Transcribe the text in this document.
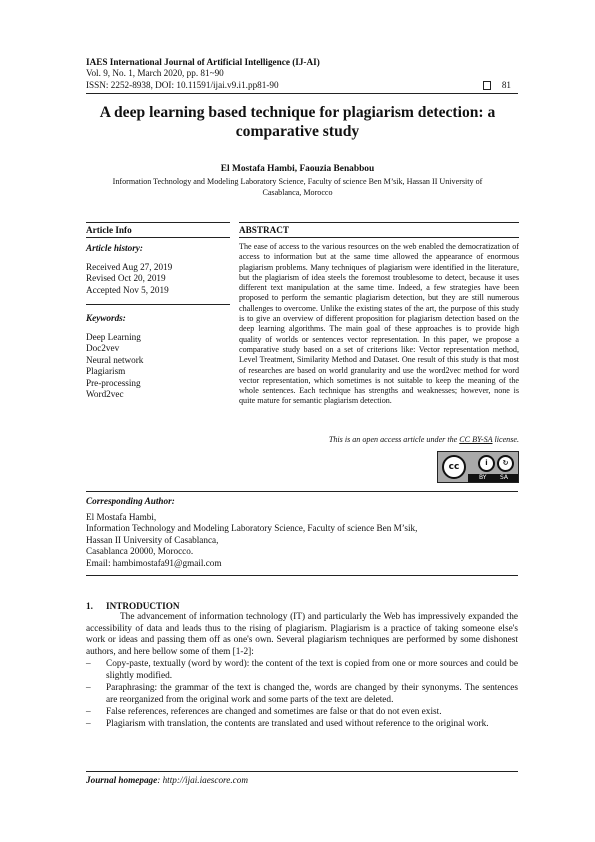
IAES International Journal of Artificial Intelligence (IJ-AI)
Vol. 9, No. 1, March 2020, pp. 81~90
ISSN: 2252-8938, DOI: 10.11591/ijai.v9.i1.pp81-90	81
A deep learning based technique for plagiarism detection: a
comparative study
El Mostafa Hambi, Faouzia Benabbou
Information Technology and Modeling Laboratory Science, Faculty of science Ben M’sik, Hassan II University of
Casablanca, Morocco
Article Info	ABSTRACT
Article history:
Received Aug 27, 2019
Revised Oct 20, 2019
Accepted Nov 5, 2019
Keywords:
Deep Learning
Doc2vev
Neural network
Plagiarism
Pre-processing
Word2vec
The ease of access to the various resources on the web enabled the democratization of access to information but at the same time allowed the appearance of enormous plagiarism problems. Many techniques of plagiarism were identified in the literature, but the plagiarism of idea steels the foremost troublesome to detect, because it uses different text manipulation at the same time. Indeed, a few strategies have been proposed to perform the semantic plagiarism detection, but they are still numerous challenges to overcome. Unlike the existing states of the art, the purpose of this study is to give an overview of different proposition for plagiarism detection based on the deep learning algorithms. The main goal of these approaches is to provide high quality of worlds or sentences vector representation. In this paper, we propose a comparative study based on a set of criterions like: Vector representation method, Level Treatment, Similarity Method and Dataset. One result of this study is that most of researches are based on world granularity and use the word2vec method for word vector representation, which sometimes is not suitable to keep the meaning of the whole sentences. Each technique has strengths and weaknesses; however, none is quite mature for semantic plagiarism detection.
This is an open access article under the CC BY-SA license.
cc	i	↻
BY SA
Corresponding Author:
El Mostafa Hambi,
Information Technology and Modeling Laboratory Science, Faculty of science Ben M’sik,
Hassan II University of Casablanca,
Casablanca 20000, Morocco.
Email: hambimostafa91@gmail.com
1. INTRODUCTION
The advancement of information technology (IT) and particularly the Web has impressively expanded the accessibility of data and leads thus to the rising of plagiarism. Plagiarism is a practice of taking someone else's work or ideas and passing them off as one's own. Several plagiarism techniques are performed by some dishonest authors, and here bellow some of them [1-2]:
– Copy-paste, textually (word by word): the content of the text is copied from one or more sources and could be slightly modified.
– Paraphrasing: the grammar of the text is changed the, words are changed by their synonyms. The sentences are reorganized from the original work and some parts of the text are deleted.
– False references, references are changed and sometimes are false or that do not even exist.
– Plagiarism with translation, the contents are translated and used without reference to the original work.
Journal homepage: http://ijai.iaescore.com
